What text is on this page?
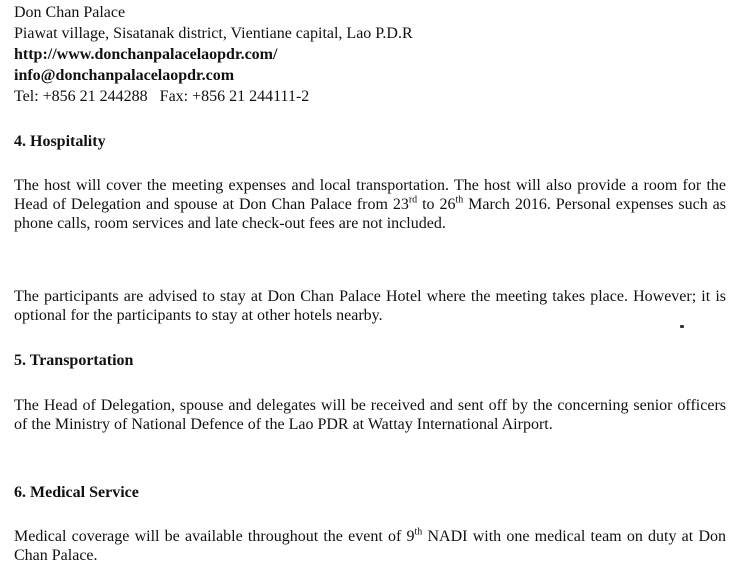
Don Chan Palace
Piawat village, Sisatanak district, Vientiane capital, Lao P.D.R
http://www.donchanpalacelaopdr.com/
info@donchanpalacelaopdr.com
Tel: +856 21 244288   Fax: +856 21 244111-2
4. Hospitality
The host will cover the meeting expenses and local transportation. The host will also provide a room for the Head of Delegation and spouse at Don Chan Palace from 23rd to 26th March 2016. Personal expenses such as phone calls, room services and late check-out fees are not included.
The participants are advised to stay at Don Chan Palace Hotel where the meeting takes place. However; it is optional for the participants to stay at other hotels nearby.
5. Transportation
The Head of Delegation, spouse and delegates will be received and sent off by the concerning senior officers of the Ministry of National Defence of the Lao PDR at Wattay International Airport.
6. Medical Service
Medical coverage will be available throughout the event of 9th NADI with one medical team on duty at Don Chan Palace.
